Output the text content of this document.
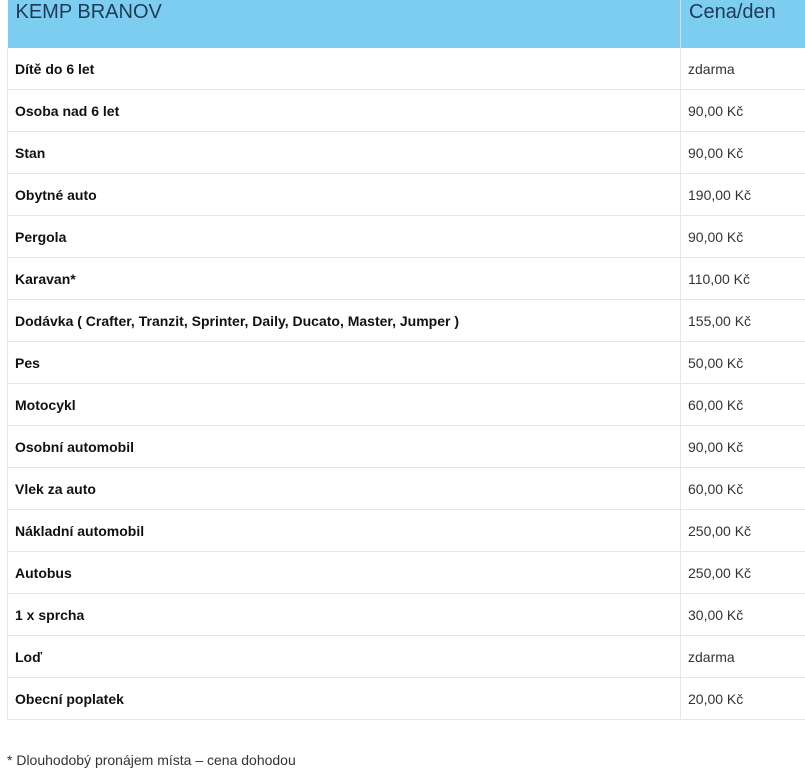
KEMP BRANOV	Cena/den
Dítě do 6 let	zdarma
Osoba nad 6 let	90,00 Kč
Stan	90,00 Kč
Obytné auto	190,00 Kč
Pergola	90,00 Kč
Karavan*	110,00 Kč
Dodávka ( Crafter, Tranzit, Sprinter, Daily, Ducato, Master, Jumper )	155,00 Kč
Pes	50,00 Kč
Motocykl	60,00 Kč
Osobní automobil	90,00 Kč
Vlek za auto	60,00 Kč
Nákladní automobil	250,00 Kč
Autobus	250,00 Kč
1 x sprcha	30,00 Kč
Loď	zdarma
Obecní poplatek	20,00 Kč
* Dlouhodobý pronájem místa – cena dohodou
